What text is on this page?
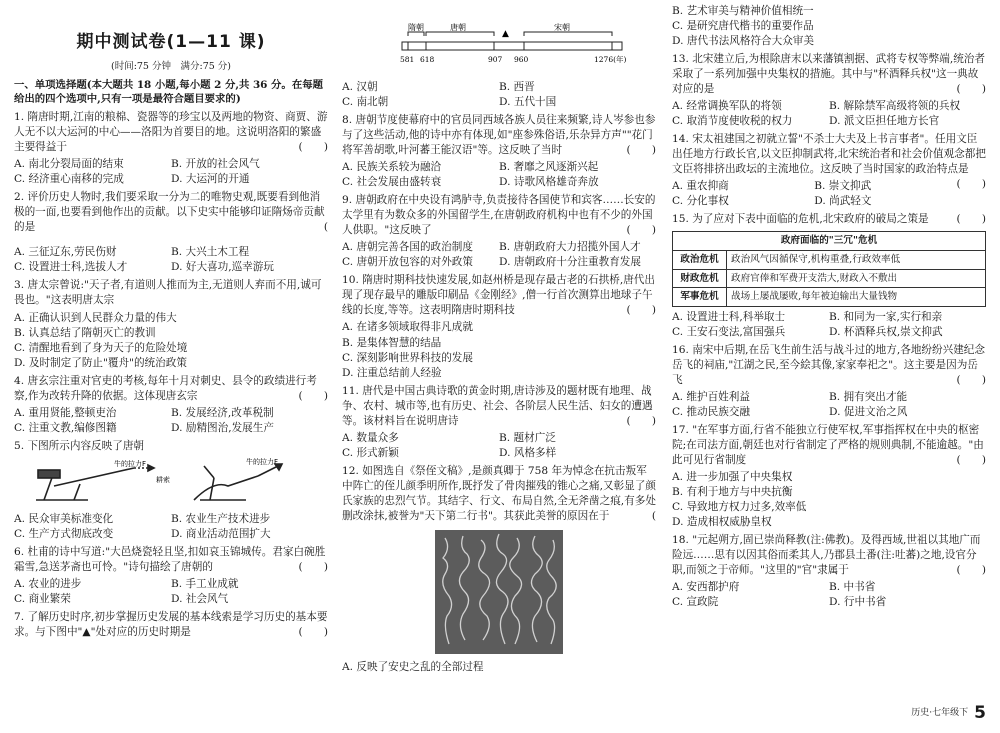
期中测试卷(1—11 课)
(时间:75 分钟　满分:75 分)
一、单项选择题(本大题共 18 小题,每小题 2 分,共 36 分。在每题给出的四个选项中,只有一项是最符合题目要求的)
1. 隋唐时期,江南的粮棉、瓷器等的珍宝以及两地的物资、商贾、游人无不以大运河的中心——洛阳为首要目的地。这说明洛阳的繁盛主要得益于	(　　)
A. 南北分裂局面的结束	B. 开放的社会风气
C. 经济重心南移的完成	D. 大运河的开通
2. 评价历史人物时,我们要采取一分为二的唯物史观,既要看到他消极的一面,也要看到他作出的贡献。以下史实中能够印证隋炀帝贡献的是	(
A. 三征辽东,劳民伤财	B. 大兴土木工程
C. 设置进士科,选拔人才	D. 好大喜功,巡幸游玩
3. 唐太宗曾说:"天子者,有道则人推而为主,无道则人弃而不用,诚可畏也。"这表明唐太宗
A. 正确认识到人民群众力量的伟大
B. 认真总结了隋朝灭亡的教训
C. 清醒地看到了身为天子的危险处境
D. 及时制定了防止"覆舟"的统治政策
4. 唐玄宗注重对官吏的考核,每年十月对刺史、县令的政绩进行考察,作为改转升降的依据。这体现唐玄宗	(　　)
A. 重用贤能,整顿吏治	B. 发展经济,改革税制
C. 注重文教,编修图籍	D. 励精图治,发展生产
5. 下图所示内容反映了唐朝
牛的拉力F
耕索
牛的拉力F
A. 民众审美标准变化	B. 农业生产技术进步
C. 生产方式彻底改变	D. 商业活动范围扩大
6. 杜甫的诗中写道:"大邑烧瓷轻且坚,扣如哀玉锦城传。君家白碗胜霜雪,急送茅斋也可怜。"诗句描绘了唐朝的	(　　)
A. 农业的进步	B. 手工业成就
C. 商业繁荣	D. 社会风气
7. 了解历史时序,初步掌握历史发展的基本线索是学习历史的基本要求。与下图中"▲"处对应的历史时期是	(　　)
隋朝	唐朝	宋朝
▲
581 618	907 960	1276(年)
A. 汉朝	B. 西晋
C. 南北朝	D. 五代十国
8. 唐朝节度使幕府中的官员同西域各族人员往来频繁,诗人岑参也参与了这些活动,他的诗中亦有体现,如"座参殊俗语,乐杂异方声""花门将军善胡歌,叶河蕃王能汉语"等。这反映了当时	(　　)
A. 民族关系较为融洽	B. 奢靡之风逐渐兴起
C. 社会发展由盛转衰	D. 诗歌风格雄奇奔放
9. 唐朝政府在中央设有鸿胪寺,负责接待各国使节和宾客……长安的太学里有为数众多的外国留学生,在唐朝政府机构中也有不少的外国人供职。"这反映了	(　　)
A. 唐朝完善各国的政治制度	B. 唐朝政府大力招揽外国人才
C. 唐朝开放包容的对外政策	D. 唐朝政府十分注重教育发展
10. 隋唐时期科技快速发展,如赵州桥是现存最古老的石拱桥,唐代出现了现存最早的雕版印刷品《金刚经》,僧一行首次测算出地球子午线的长度,等等。这表明隋唐时期科技	(　　)
A. 在诸多领域取得非凡成就
B. 是集体智慧的结晶
C. 深刻影响世界科技的发展
D. 注重总结前人经验
11. 唐代是中国古典诗歌的黄金时期,唐诗涉及的题材既有地理、战争、农村、城市等,也有历史、社会、各阶层人民生活、妇女的遭遇等。该材料旨在说明唐诗	(　　)
A. 数量众多	B. 题材广泛
C. 形式新颖	D. 风格多样
12. 如图选自《祭侄文稿》,是颜真卿于 758 年为悼念在抗击叛军中阵亡的侄儿颜季明所作,既抒发了骨肉摧残的锥心之痛,又彰显了颜氏家族的忠烈气节。其结字、行文、布局自然,全无斧凿之痕,有多处删改涂抹,被誉为"天下第二行书"。其获此美誉的原因在于	(
A. 反映了安史之乱的全部过程
B. 艺术审美与精神价值相统一
C. 是研究唐代楷书的重要作品
D. 唐代书法风格符合大众审美
13. 北宋建立后,为根除唐末以来藩镇割据、武将专权等弊端,统治者采取了一系列加强中央集权的措施。其中与"杯酒释兵权"这一典故对应的是	(　　)
A. 经常调换军队的将领	B. 解除禁军高级将领的兵权
C. 取消节度使收税的权力	D. 派文臣担任地方长官
14. 宋太祖建国之初就立誓"不杀士大夫及上书言事者"。任用文臣出任地方行政长官,以文臣抑制武将,北宋统治者和社会价值观念都把文臣将排挤出政坛的主流地位。这反映了当时国家的政治特点是
(　　)
A. 重农抑商	B. 崇文抑武
C. 分化事权	D. 尚武轻文
15. 为了应对下表中面临的危机,北宋政府的破局之策是	(　　)
政府面临的"三冗"危机	
政治危机	政治风气因循保守,机构重叠,行政效率低
财政危机	政府官俸和军费开支浩大,财政入不敷出
军事危机	战场上屡战屡败,每年被迫输出大量钱物
A. 设置进士科,科举取士	B. 和同为一家,实行和亲
C. 王安石变法,富国强兵	D. 杯酒释兵权,崇文抑武
16. 南宋中后期,在岳飞生前生活与战斗过的地方,各地纷纷兴建纪念岳飞的祠庙,"江湖之民,至今絵其像,家家奉祀之"。这主要是因为岳飞	(　　)
A. 维护百姓利益	B. 拥有突出才能
C. 推动民族交融	D. 促进文治之风
17. "在军事方面,行省不能独立行使军权,军事指挥权在中央的枢密院;在司法方面,朝廷也对行省制定了严格的规则典制,不能逾越。"由此可见行省制度	(　　)
A. 进一步加强了中央集权
B. 有利于地方与中央抗衡
C. 导致地方权力过多,效率低
D. 造成相权威胁皇权
18. "元起朔方,固已崇尚释教(注:佛教)。及得西域,世祖以其地广而险远……思有以因其俗而柔其人,乃郡县土番(注:吐蕃)之地,设官分职,而领之于帝师。"这里的"官"隶属于	(　　)
A. 安西都护府	B. 中书省
C. 宣政院	D. 行中书省
历史·七年级下 5
